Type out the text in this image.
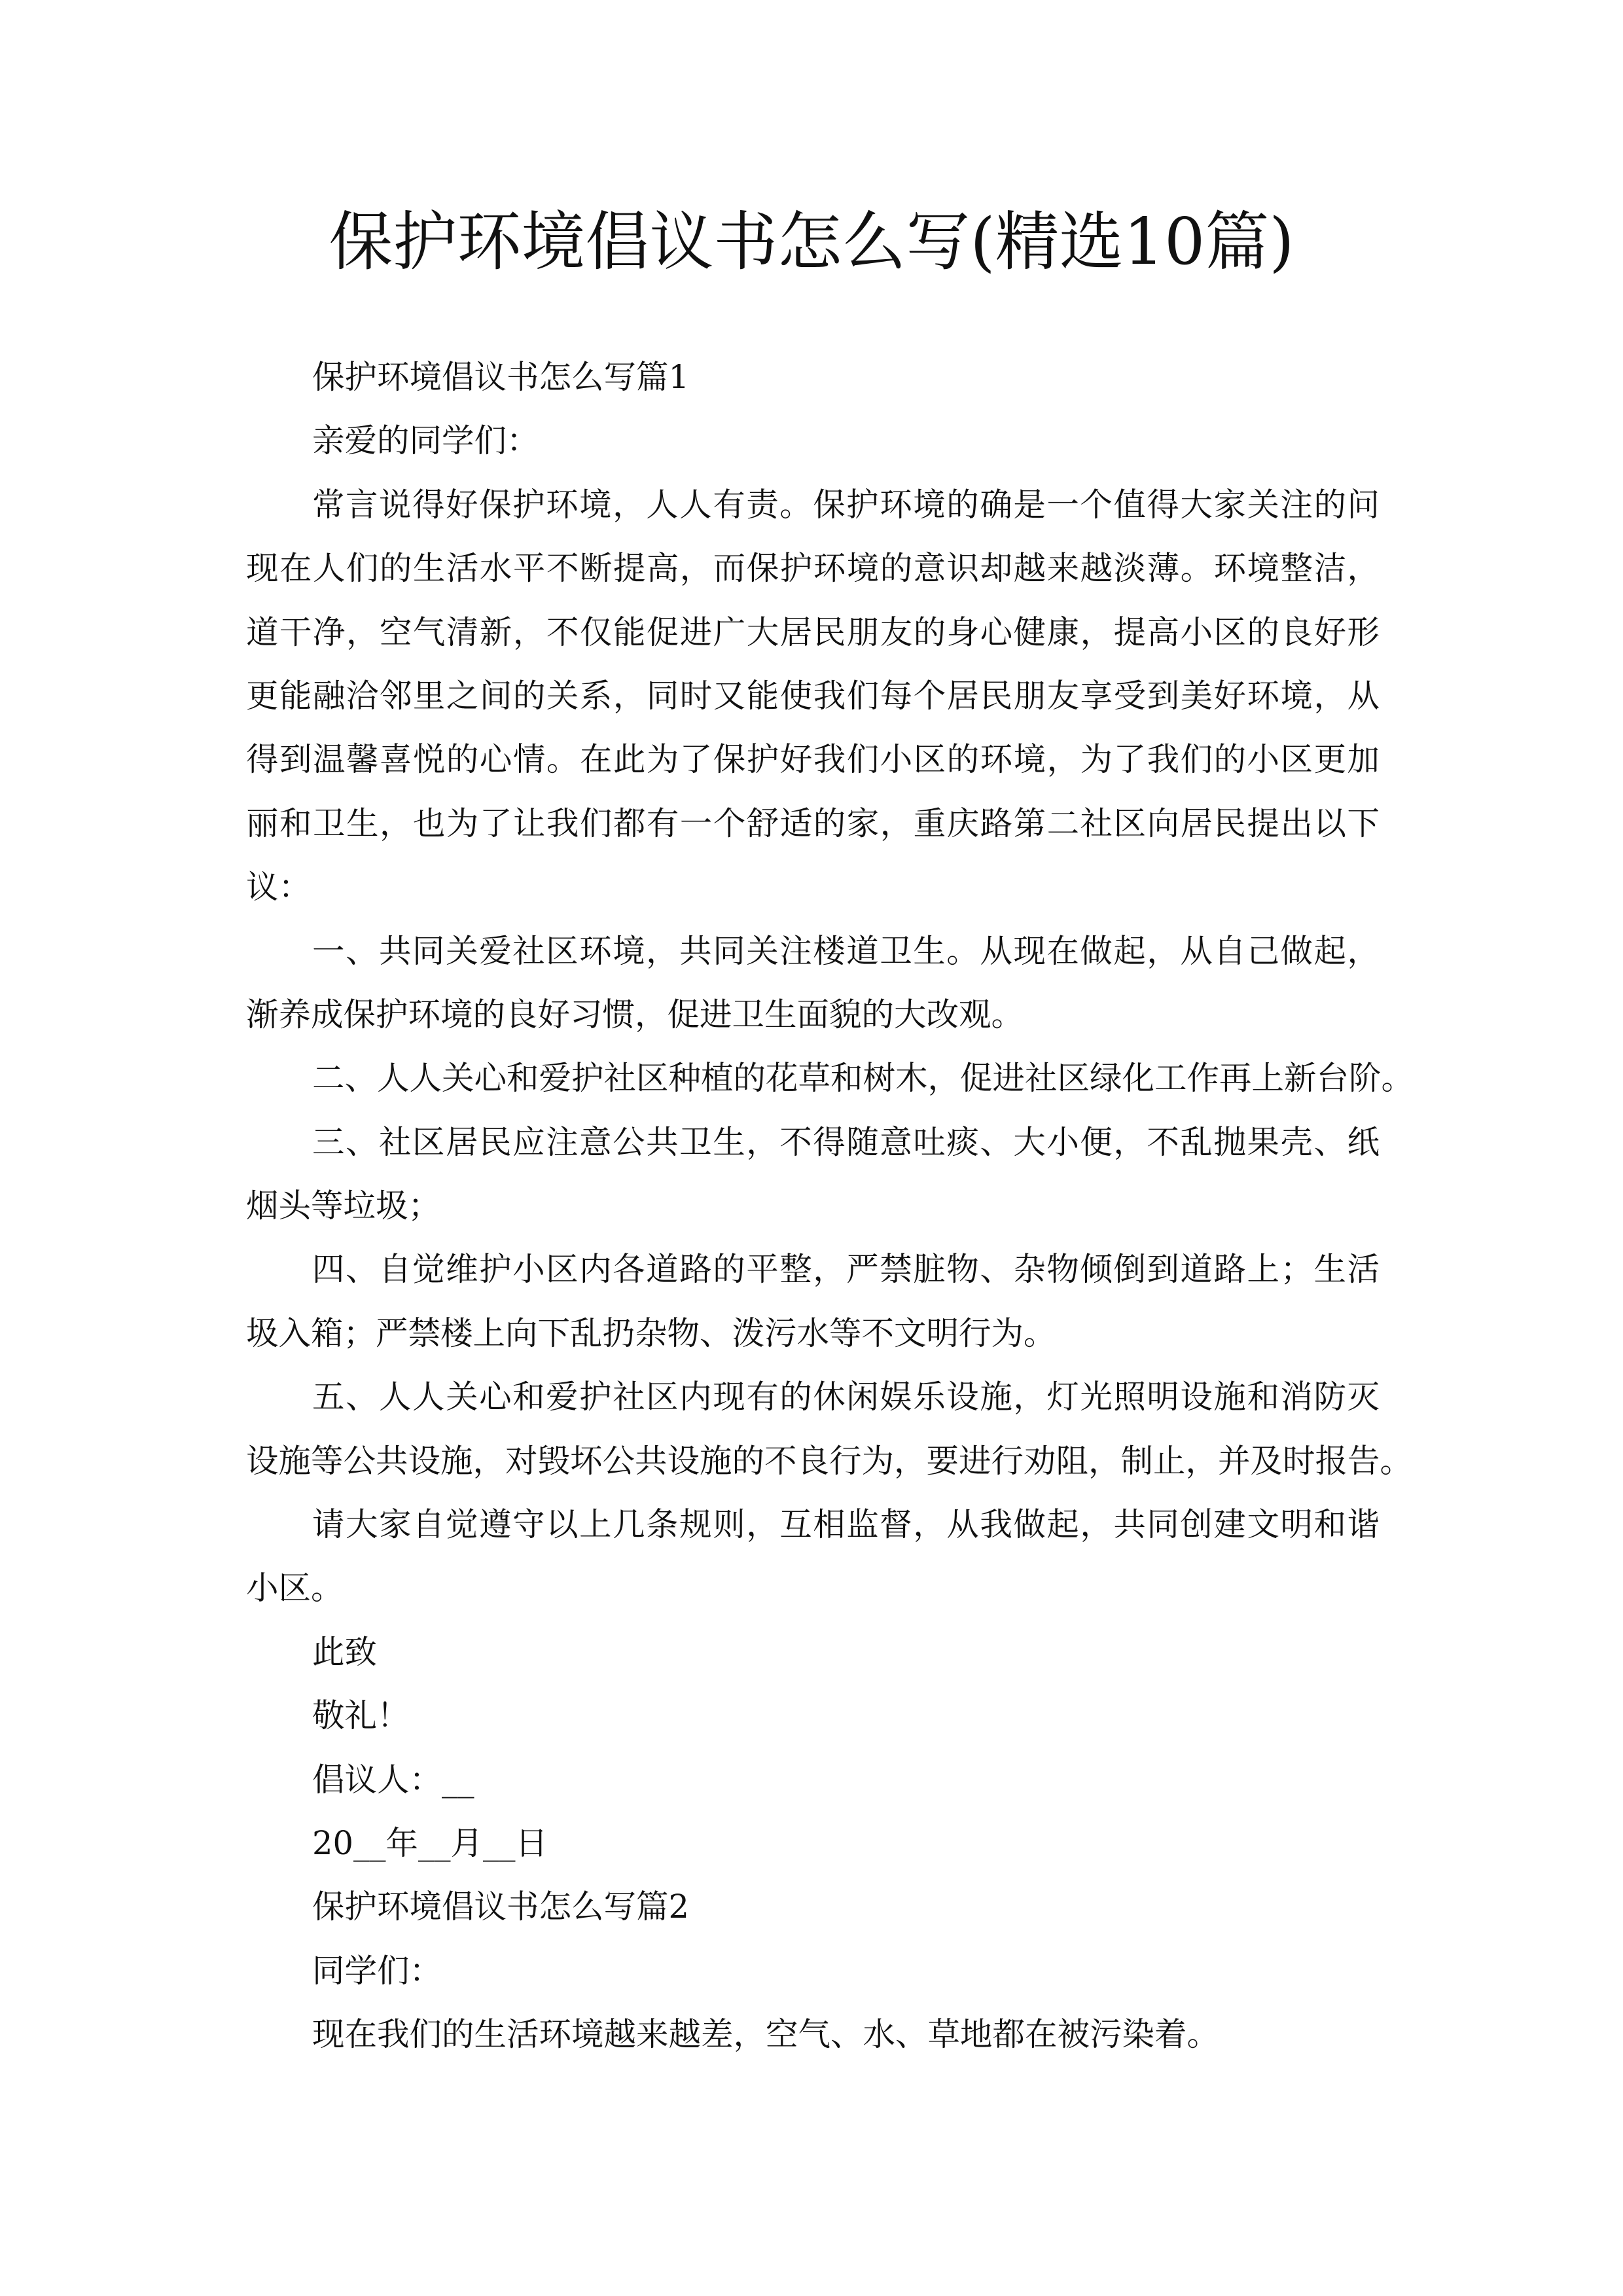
保护环境倡议书怎么写(精选10篇)
保护环境倡议书怎么写篇1
亲爱的同学们：
常言说得好保护环境，人人有责。保护环境的确是一个值得大家关注的问
现在人们的生活水平不断提高，而保护环境的意识却越来越淡薄。环境整洁，
道干净，空气清新，不仅能促进广大居民朋友的身心健康，提高小区的良好形
更能融洽邻里之间的关系，同时又能使我们每个居民朋友享受到美好环境，从
得到温馨喜悦的心情。在此为了保护好我们小区的环境，为了我们的小区更加
丽和卫生，也为了让我们都有一个舒适的家，重庆路第二社区向居民提出以下
议：
一、共同关爱社区环境，共同关注楼道卫生。从现在做起，从自己做起，
渐养成保护环境的良好习惯，促进卫生面貌的大改观。
二、人人关心和爱护社区种植的花草和树木，促进社区绿化工作再上新台阶。
三、社区居民应注意公共卫生，不得随意吐痰、大小便，不乱抛果壳、纸
烟头等垃圾；
四、自觉维护小区内各道路的平整，严禁脏物、杂物倾倒到道路上；生活
圾入箱；严禁楼上向下乱扔杂物、泼污水等不文明行为。
五、人人关心和爱护社区内现有的休闲娱乐设施，灯光照明设施和消防灭
设施等公共设施，对毁坏公共设施的不良行为，要进行劝阻，制止，并及时报告。
请大家自觉遵守以上几条规则，互相监督，从我做起，共同创建文明和谐
小区。
此致
敬礼！
倡议人：__
20__年__月__日
保护环境倡议书怎么写篇2
同学们：
现在我们的生活环境越来越差，空气、水、草地都在被污染着。
